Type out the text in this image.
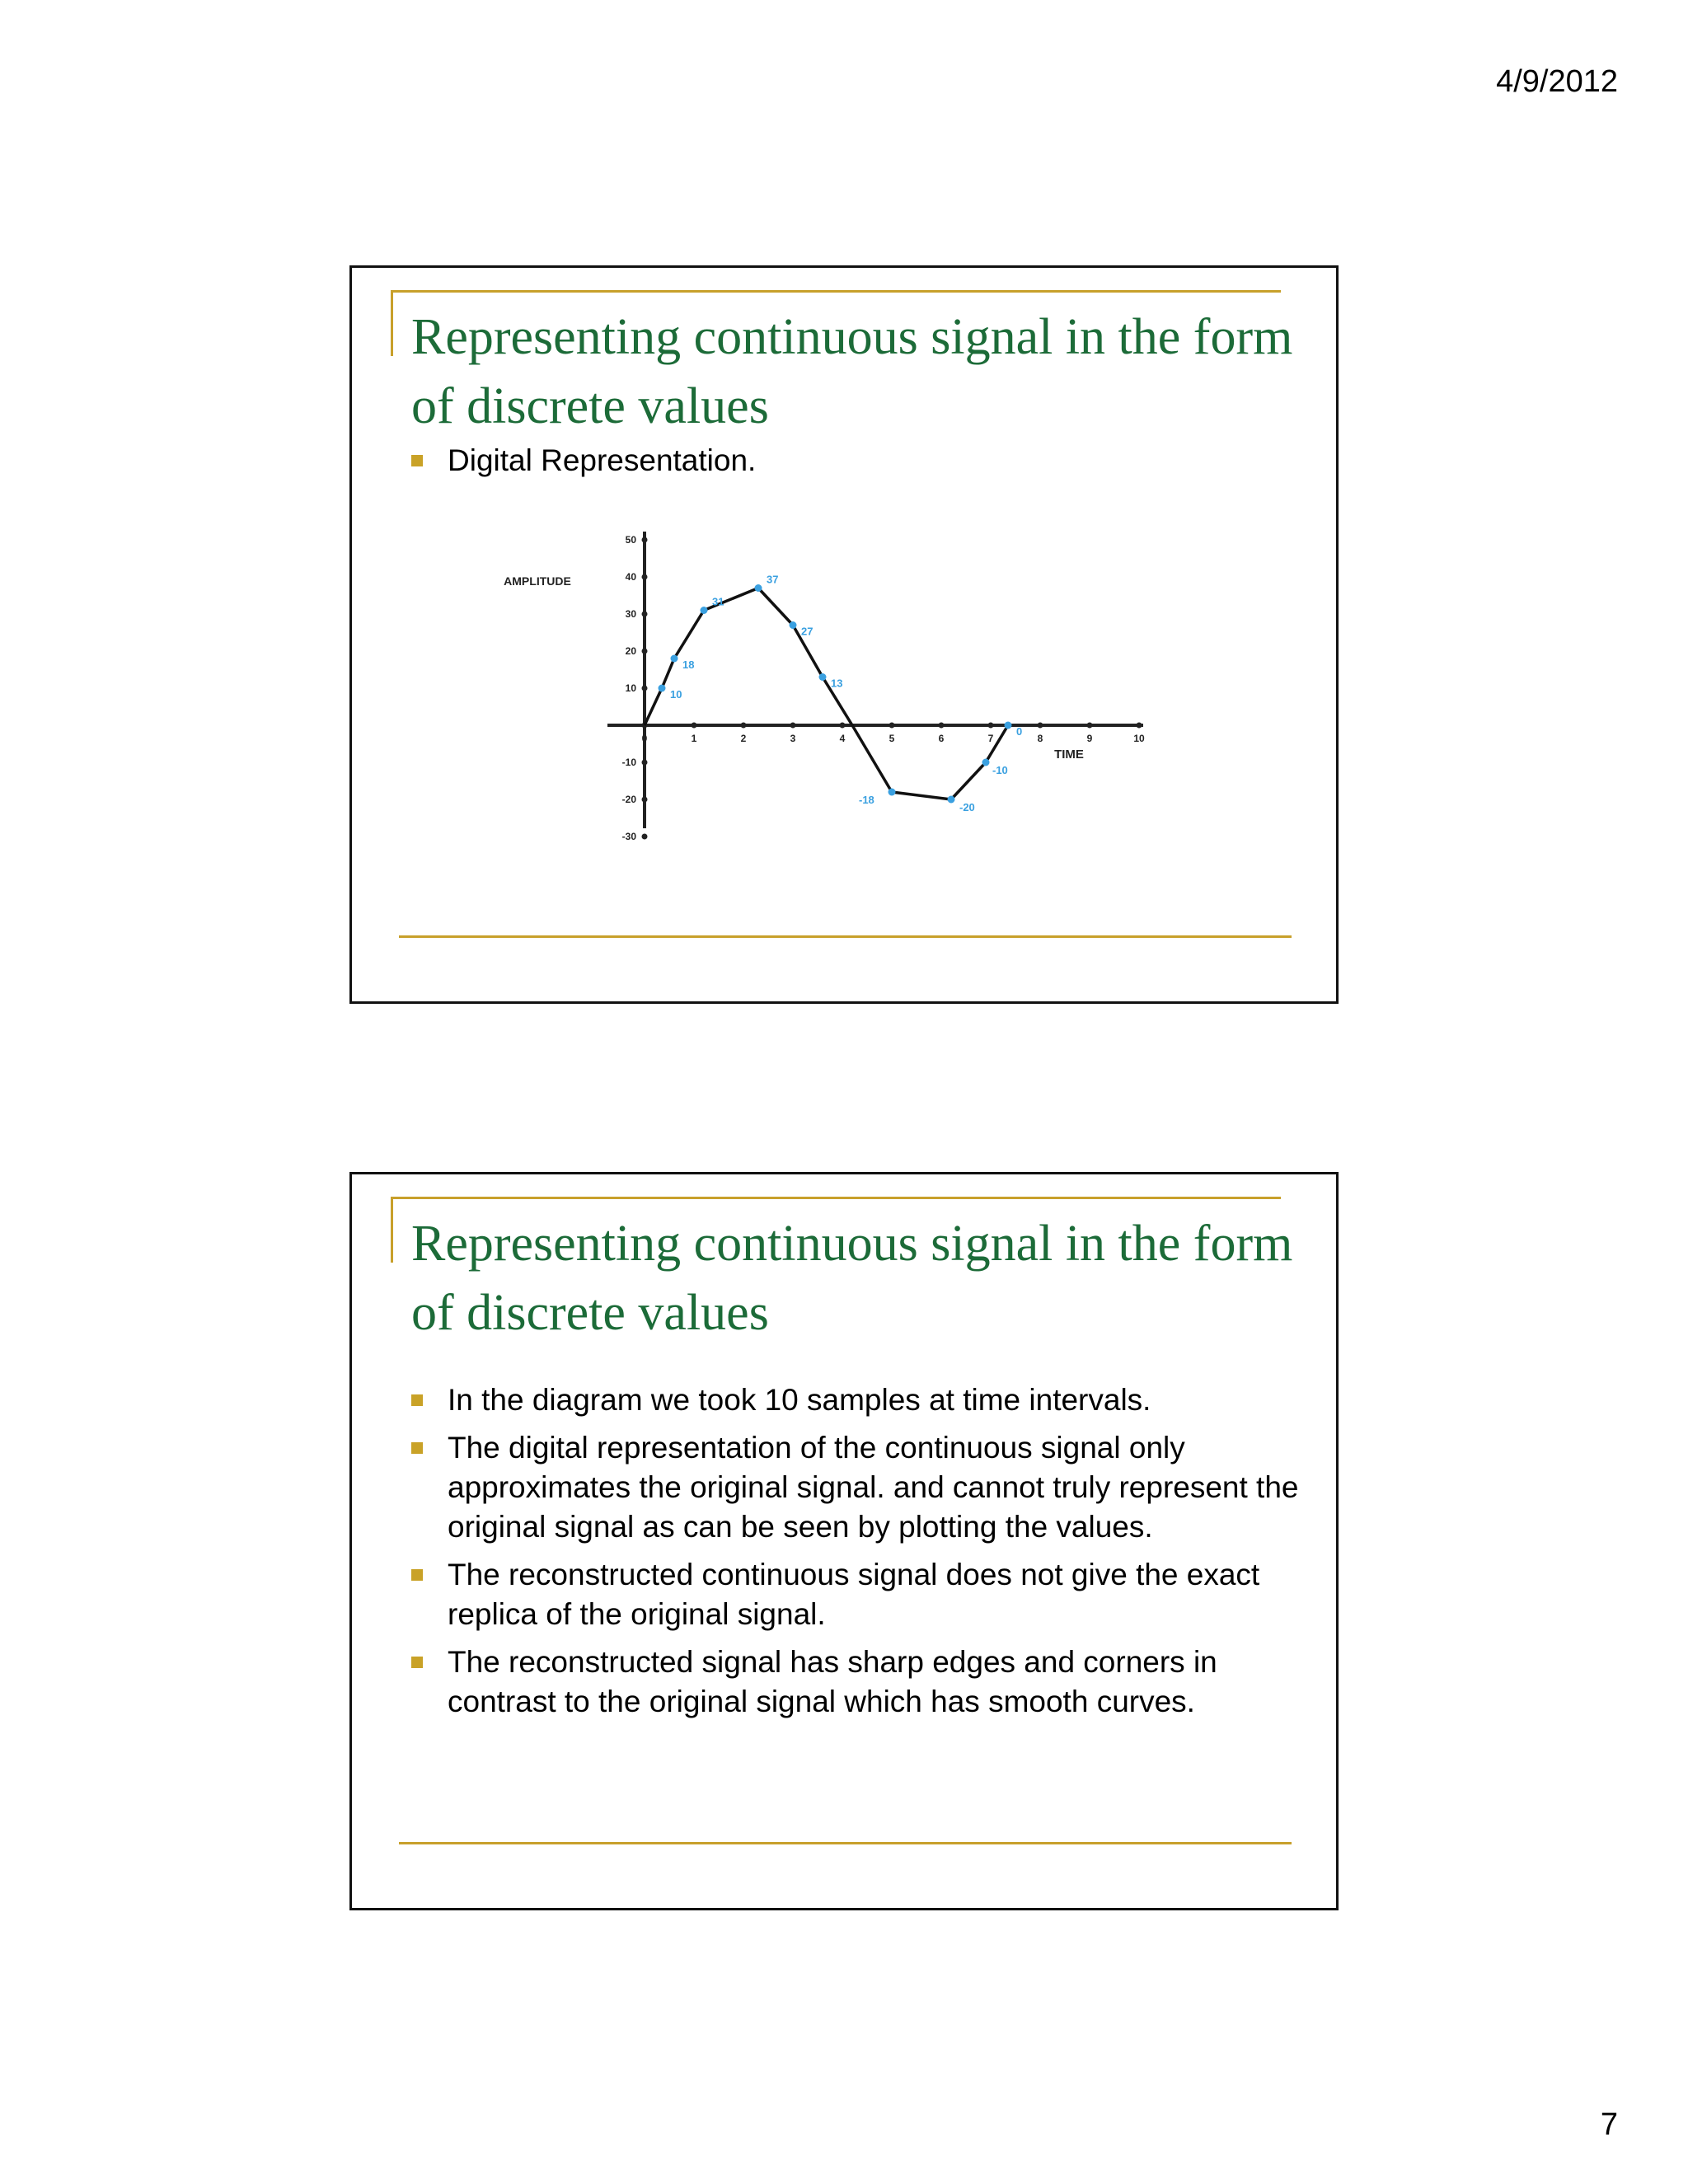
4/9/2012
Representing continuous signal in the form of discrete values
Digital Representation.
0	1	2	3	4	5	6	7	8	9	10
50
40
30
20
10
-10
-20
-30
10
18
31
37
27
13
-18
-20
-10
0
AMPLITUDE
TIME
Representing continuous signal in the form of discrete values
In the diagram we took 10 samples at time intervals.
The digital representation of the continuous signal only approximates the original signal. and cannot truly represent the original signal as can be seen by plotting the values.
The reconstructed continuous signal does not give the exact replica of the original signal.
The reconstructed signal has sharp edges and corners in contrast to the original signal which has smooth curves.
7
